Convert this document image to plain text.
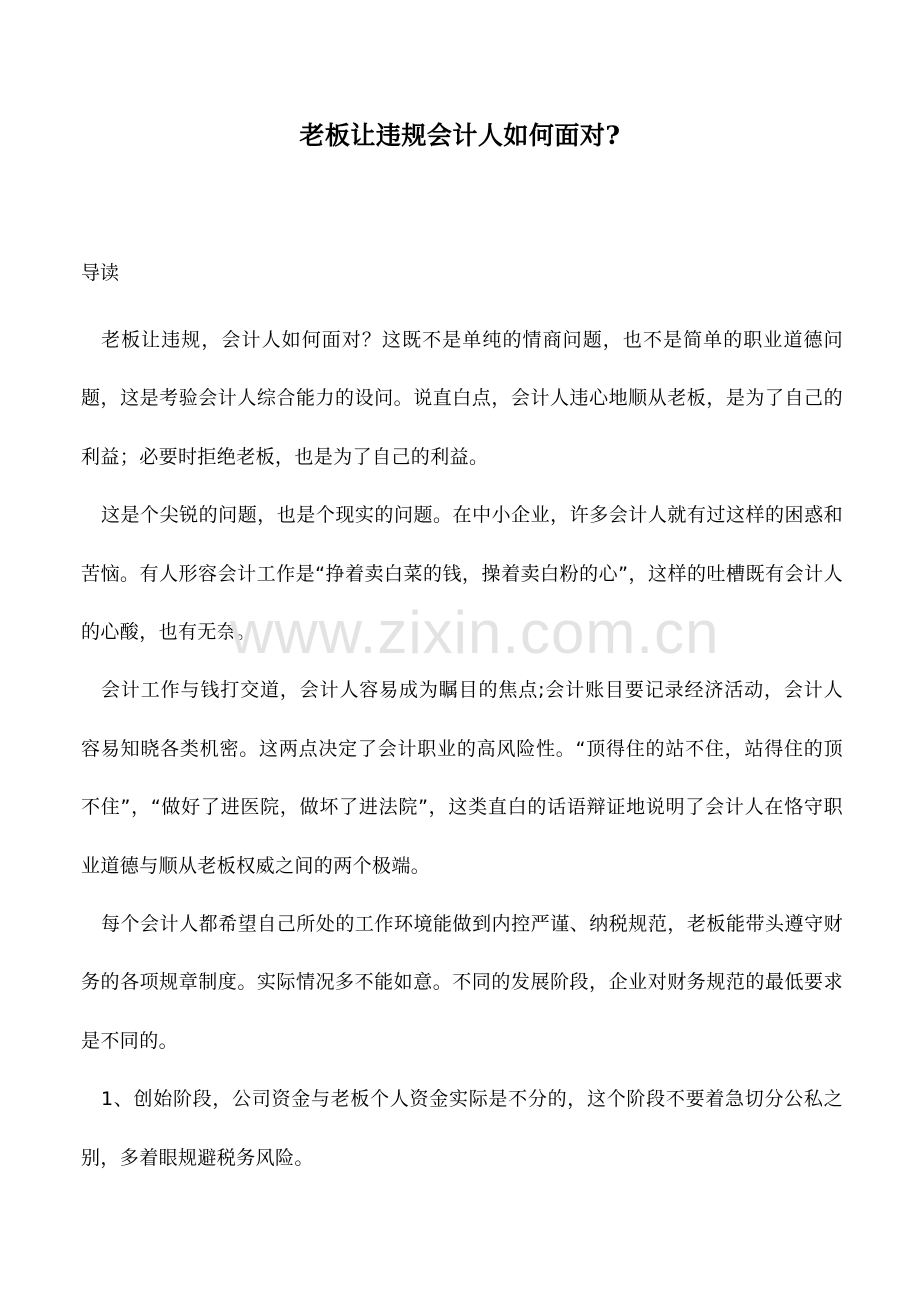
老板让违规会计人如何面对?
导读

老板让违规，会计人如何面对？这既不是单纯的情商问题，也不是简单的职业道德问题，这是考验会计人综合能力的设问。说直白点，会计人违心地顺从老板，是为了自己的利益；必要时拒绝老板，也是为了自己的利益。

这是个尖锐的问题，也是个现实的问题。在中小企业，许多会计人就有过这样的困惑和苦恼。有人形容会计工作是“挣着卖白菜的钱，操着卖白粉的心”，这样的吐槽既有会计人的心酸，也有无奈。

会计工作与钱打交道，会计人容易成为瞩目的焦点;会计账目要记录经济活动，会计人容易知晓各类机密。这两点决定了会计职业的高风险性。“顶得住的站不住，站得住的顶不住”，“做好了进医院，做坏了进法院”，这类直白的话语辩证地说明了会计人在恪守职业道德与顺从老板权威之间的两个极端。

每个会计人都希望自己所处的工作环境能做到内控严谨、纳税规范，老板能带头遵守财务的各项规章制度。实际情况多不能如意。不同的发展阶段，企业对财务规范的最低要求是不同的。

1、创始阶段，公司资金与老板个人资金实际是不分的，这个阶段不要着急切分公私之别，多着眼规避税务风险。

www.zixin.com.cn
